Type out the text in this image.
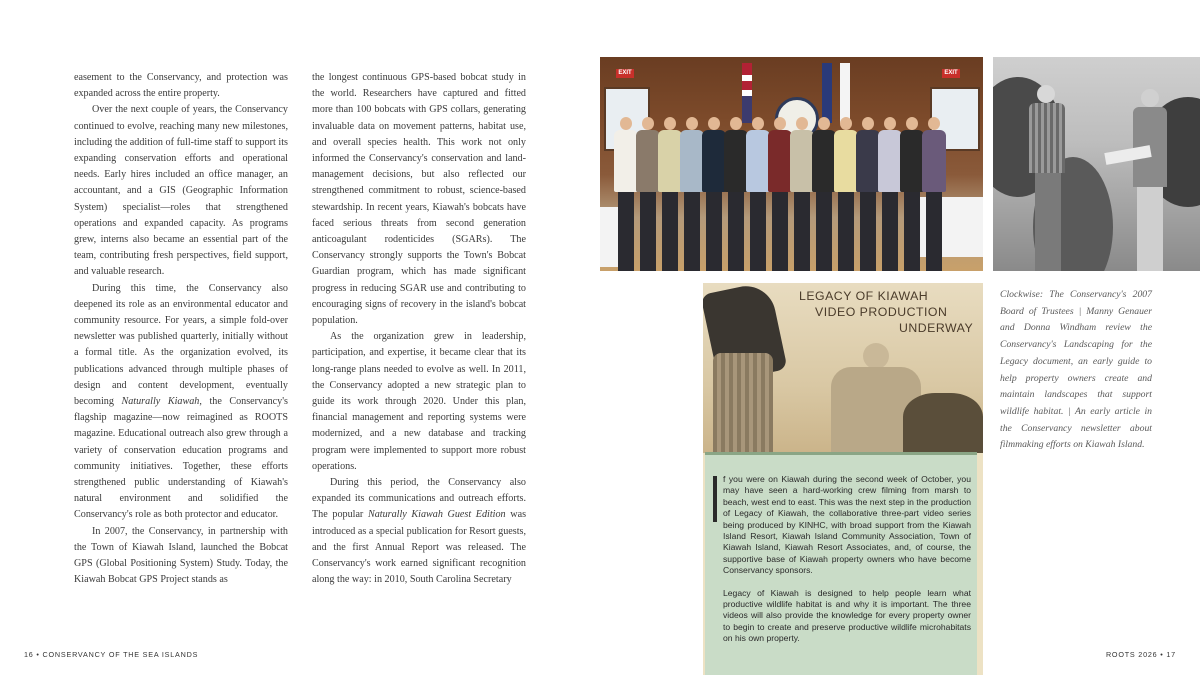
easement to the Conservancy, and protection was expanded across the entire property.

Over the next couple of years, the Conservancy continued to evolve, reaching many new milestones, including the addition of full-time staff to support its expanding conservation efforts and operational needs. Early hires included an office manager, an accountant, and a GIS (Geographic Information System) specialist—roles that strengthened operations and expanded capacity. As programs grew, interns also became an essential part of the team, contributing fresh perspectives, field support, and valuable research.

During this time, the Conservancy also deepened its role as an environmental educator and community resource. For years, a simple fold-over newsletter was published quarterly, initially without a formal title. As the organization evolved, its publications advanced through multiple phases of design and content development, eventually becoming Naturally Kiawah, the Conservancy's flagship magazine—now reimagined as ROOTS magazine. Educational outreach also grew through a variety of conservation education programs and community initiatives. Together, these efforts strengthened public understanding of Kiawah's natural environment and solidified the Conservancy's role as both protector and educator.

In 2007, the Conservancy, in partnership with the Town of Kiawah Island, launched the Bobcat GPS (Global Positioning System) Study. Today, the Kiawah Bobcat GPS Project stands as

the longest continuous GPS-based bobcat study in the world. Researchers have captured and fitted more than 100 bobcats with GPS collars, generating invaluable data on movement patterns, habitat use, and overall species health. This work not only informed the Conservancy's conservation and land-management decisions, but also reflected our strengthened commitment to robust, science-based stewardship. In recent years, Kiawah's bobcats have faced serious threats from second generation anticoagulant rodenticides (SGARs). The Conservancy strongly supports the Town's Bobcat Guardian program, which has made significant progress in reducing SGAR use and contributing to encouraging signs of recovery in the island's bobcat population.

As the organization grew in leadership, participation, and expertise, it became clear that its long-range plans needed to evolve as well. In 2011, the Conservancy adopted a new strategic plan to guide its work through 2020. Under this plan, financial management and reporting systems were modernized, and a new database and tracking program were implemented to support more robust operations.

During this period, the Conservancy also expanded its communications and outreach efforts. The popular Naturally Kiawah Guest Edition was introduced as a special publication for Resort guests, and the first Annual Report was released. The Conservancy's work earned significant recognition along the way: in 2010, South Carolina Secretary

EXIT	EXIT
Clockwise: The Conservancy's 2007 Board of Trustees | Manny Genauer and Donna Windham review the Conservancy's Landscaping for the Legacy document, an early guide to help property owners create and maintain landscapes that support wildlife habitat. | An early article in the Conservancy newsletter about filmmaking efforts on Kiawah Island.
LEGACY OF KIAWAH
VIDEO PRODUCTION
UNDERWAY

f you were on Kiawah during the second week of October, you may have seen a hard-working crew filming from marsh to beach, west end to east. This was the next step in the production of Legacy of Kiawah, the collaborative three-part video series being produced by KINHC, with broad support from the Kiawah Island Resort, Kiawah Island Community Association, Town of Kiawah Island, Kiawah Resort Associates, and, of course, the supportive base of Kiawah property owners who have become Conservancy sponsors.

Legacy of Kiawah is designed to help people learn what productive wildlife habitat is and why it is important. The three videos will also provide the knowledge for every property owner to begin to create and preserve productive wildlife microhabitats on his own property.

16 • CONSERVANCY OF THE SEA ISLANDS	ROOTS 2026 • 17
